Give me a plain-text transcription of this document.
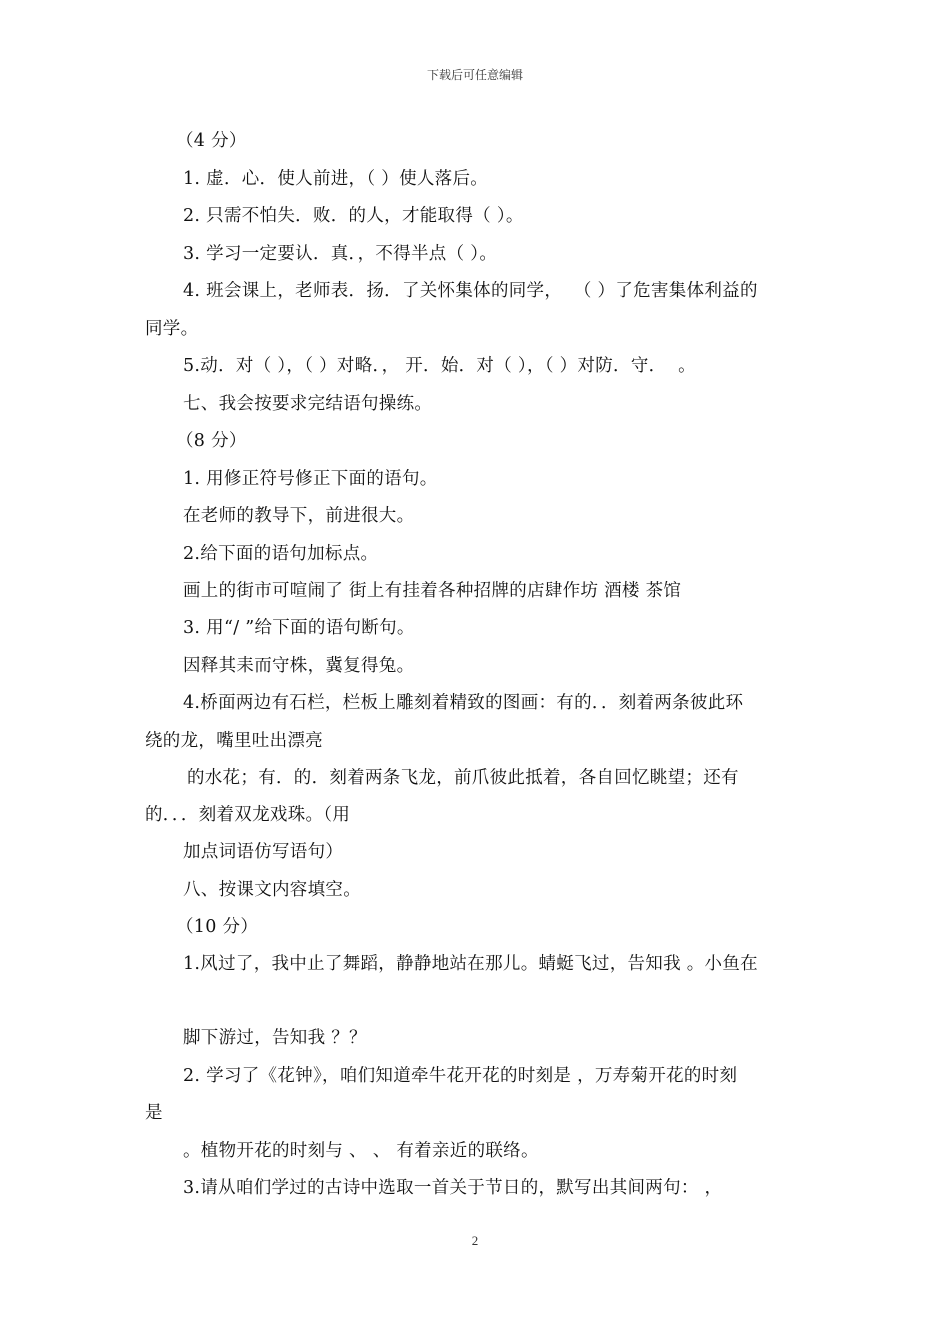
下载后可任意编辑
（4 分）
1. 虚．心．使人前进，（ ）使人落后。
2. 只需不怕失．败．的人，才能取得（ ）。
3. 学习一定要认．真．，不得半点（ ）。
4. 班会课上，老师表．扬．了关怀集体的同学，  （ ）了危害集体利益的
同学。
5.动．对（ ），（ ）对略．， 开．始．对（ ），（ ）对防．守．  。
七、我会按要求完结语句操练。
（8 分）
1. 用修正符号修正下面的语句。
在老师的教导下，前进很大。
2.给下面的语句加标点。
画上的街市可喧闹了 街上有挂着各种招牌的店肆作坊 酒楼 茶馆
3. 用“/ ”给下面的语句断句。
因释其耒而守株，冀复得兔。
4.桥面两边有石栏，栏板上雕刻着精致的图画：有的．．刻着两条彼此环
绕的龙，嘴里吐出漂亮
的水花；有．的．刻着两条飞龙，前爪彼此抵着，各自回忆眺望；还有
的．．．刻着双龙戏珠。（用
加点词语仿写语句）
八、按课文内容填空。
（10 分）
1.风过了，我中止了舞蹈，静静地站在那儿。蜻蜓飞过，告知我 。小鱼在
脚下游过，告知我 ？？
2. 学习了《花钟》，咱们知道牵牛花开花的时刻是 ，万寿菊开花的时刻
是
。植物开花的时刻与 、 、 有着亲近的联络。
3.请从咱们学过的古诗中选取一首关于节日的，默写出其间两句： ，
2
